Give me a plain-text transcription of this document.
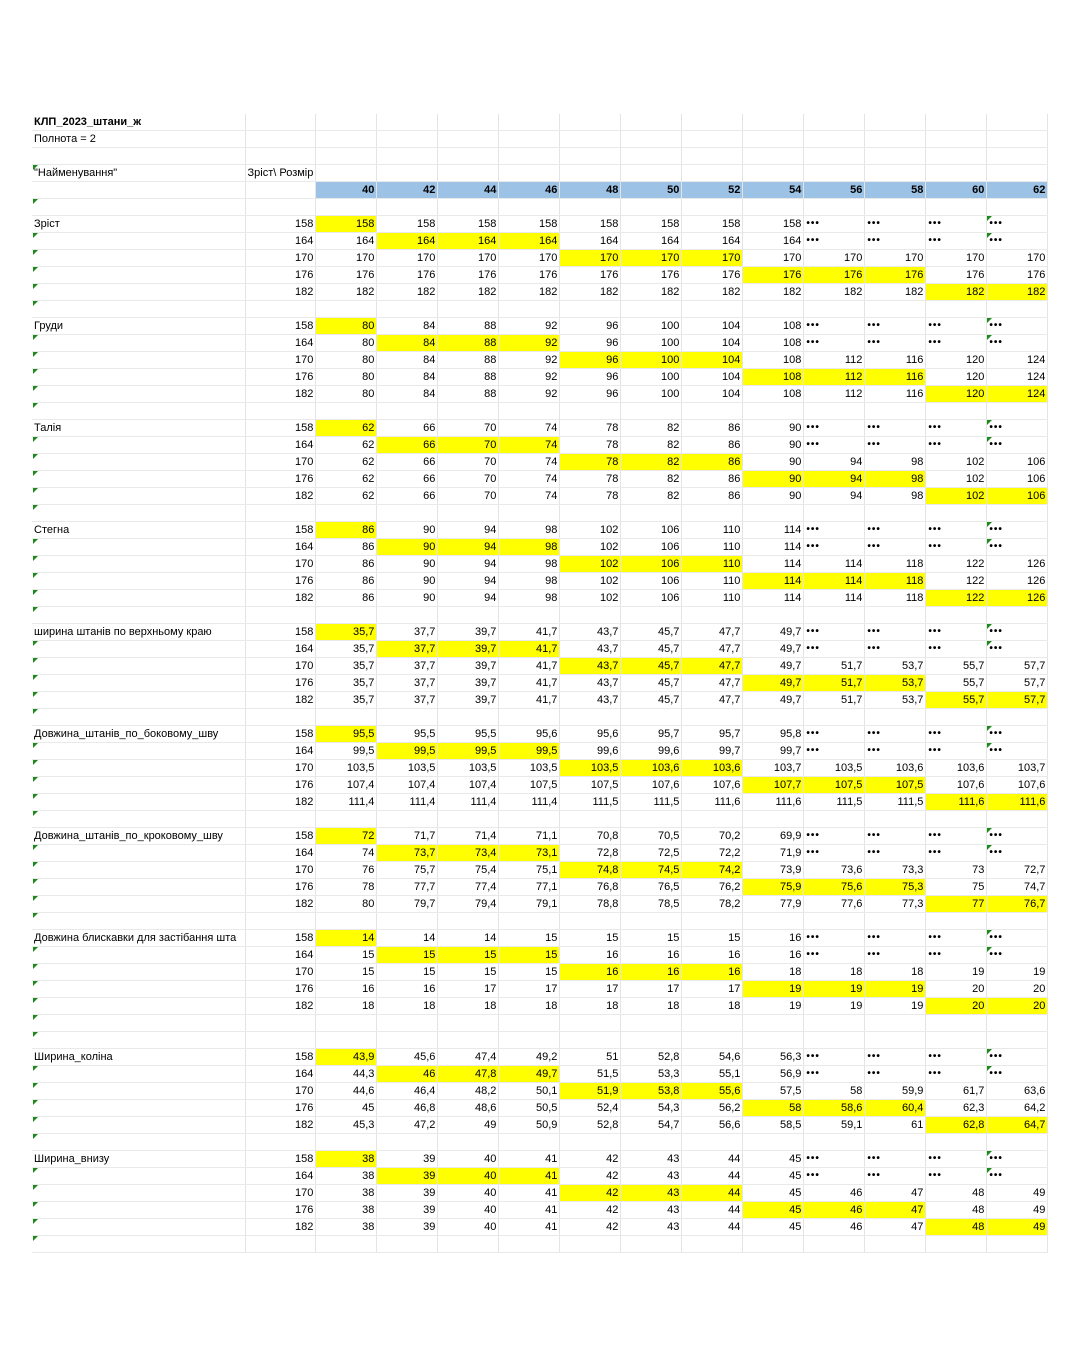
КЛП_2023_штани_ж													
Полнота = 2													

"Найменування"	Зріст\ Розмір												
		40	42	44	46	48	50	52	54	56	58	60	62

Зріст	158	158	158	158	158	158	158	158	158	•••	•••	•••	•••
	164	164	164	164	164	164	164	164	164	•••	•••	•••	•••
	170	170	170	170	170	170	170	170	170	170	170	170	170
	176	176	176	176	176	176	176	176	176	176	176	176	176
	182	182	182	182	182	182	182	182	182	182	182	182	182

Груди	158	80	84	88	92	96	100	104	108	•••	•••	•••	•••
	164	80	84	88	92	96	100	104	108	•••	•••	•••	•••
	170	80	84	88	92	96	100	104	108	112	116	120	124
	176	80	84	88	92	96	100	104	108	112	116	120	124
	182	80	84	88	92	96	100	104	108	112	116	120	124

Талія	158	62	66	70	74	78	82	86	90	•••	•••	•••	•••
	164	62	66	70	74	78	82	86	90	•••	•••	•••	•••
	170	62	66	70	74	78	82	86	90	94	98	102	106
	176	62	66	70	74	78	82	86	90	94	98	102	106
	182	62	66	70	74	78	82	86	90	94	98	102	106

Стегна	158	86	90	94	98	102	106	110	114	•••	•••	•••	•••
	164	86	90	94	98	102	106	110	114	•••	•••	•••	•••
	170	86	90	94	98	102	106	110	114	114	118	122	126
	176	86	90	94	98	102	106	110	114	114	118	122	126
	182	86	90	94	98	102	106	110	114	114	118	122	126

ширина штанів по верхньому краю	158	35,7	37,7	39,7	41,7	43,7	45,7	47,7	49,7	•••	•••	•••	•••
	164	35,7	37,7	39,7	41,7	43,7	45,7	47,7	49,7	•••	•••	•••	•••
	170	35,7	37,7	39,7	41,7	43,7	45,7	47,7	49,7	51,7	53,7	55,7	57,7
	176	35,7	37,7	39,7	41,7	43,7	45,7	47,7	49,7	51,7	53,7	55,7	57,7
	182	35,7	37,7	39,7	41,7	43,7	45,7	47,7	49,7	51,7	53,7	55,7	57,7

Довжина_штанів_по_боковому_шву	158	95,5	95,5	95,5	95,6	95,6	95,7	95,7	95,8	•••	•••	•••	•••
	164	99,5	99,5	99,5	99,5	99,6	99,6	99,7	99,7	•••	•••	•••	•••
	170	103,5	103,5	103,5	103,5	103,5	103,6	103,6	103,7	103,5	103,6	103,6	103,7
	176	107,4	107,4	107,4	107,5	107,5	107,6	107,6	107,7	107,5	107,5	107,6	107,6
	182	111,4	111,4	111,4	111,4	111,5	111,5	111,6	111,6	111,5	111,5	111,6	111,6

Довжина_штанів_по_кроковому_шву	158	72	71,7	71,4	71,1	70,8	70,5	70,2	69,9	•••	•••	•••	•••
	164	74	73,7	73,4	73,1	72,8	72,5	72,2	71,9	•••	•••	•••	•••
	170	76	75,7	75,4	75,1	74,8	74,5	74,2	73,9	73,6	73,3	73	72,7
	176	78	77,7	77,4	77,1	76,8	76,5	76,2	75,9	75,6	75,3	75	74,7
	182	80	79,7	79,4	79,1	78,8	78,5	78,2	77,9	77,6	77,3	77	76,7

Довжина блискавки для застібання шта	158	14	14	14	15	15	15	15	16	•••	•••	•••	•••
	164	15	15	15	15	16	16	16	16	•••	•••	•••	•••
	170	15	15	15	15	16	16	16	18	18	18	19	19
	176	16	16	17	17	17	17	17	19	19	19	20	20
	182	18	18	18	18	18	18	18	19	19	19	20	20

Ширина_коліна	158	43,9	45,6	47,4	49,2	51	52,8	54,6	56,3	•••	•••	•••	•••
	164	44,3	46	47,8	49,7	51,5	53,3	55,1	56,9	•••	•••	•••	•••
	170	44,6	46,4	48,2	50,1	51,9	53,8	55,6	57,5	58	59,9	61,7	63,6
	176	45	46,8	48,6	50,5	52,4	54,3	56,2	58	58,6	60,4	62,3	64,2
	182	45,3	47,2	49	50,9	52,8	54,7	56,6	58,5	59,1	61	62,8	64,7

Ширина_внизу	158	38	39	40	41	42	43	44	45	•••	•••	•••	•••
	164	38	39	40	41	42	43	44	45	•••	•••	•••	•••
	170	38	39	40	41	42	43	44	45	46	47	48	49
	176	38	39	40	41	42	43	44	45	46	47	48	49
	182	38	39	40	41	42	43	44	45	46	47	48	49
